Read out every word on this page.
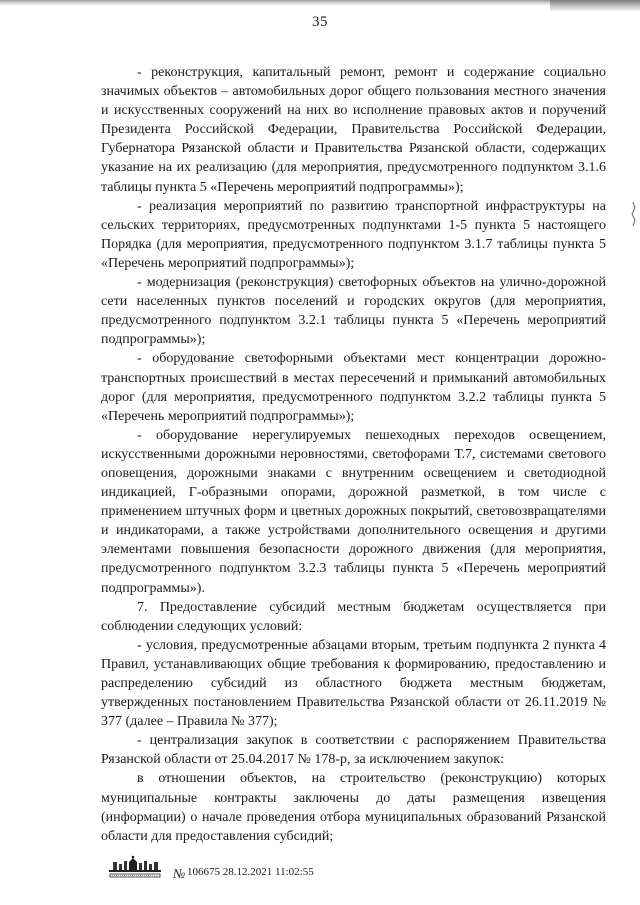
35

- реконструкция, капитальный ремонт, ремонт и содержание социально значимых объектов – автомобильных дорог общего пользования местного значения и искусственных сооружений на них во исполнение правовых актов и поручений Президента Российской Федерации, Правительства Российской Федерации, Губернатора Рязанской области и Правительства Рязанской области, содержащих указание на их реализацию (для мероприятия, предусмотренного подпунктом 3.1.6 таблицы пункта 5 «Перечень мероприятий подпрограммы»);

- реализация мероприятий по развитию транспортной инфраструктуры на сельских территориях, предусмотренных подпунктами 1-5 пункта 5 настоящего Порядка (для мероприятия, предусмотренного подпунктом 3.1.7 таблицы пункта 5 «Перечень мероприятий подпрограммы»);

- модернизация (реконструкция) светофорных объектов на улично-дорожной сети населенных пунктов поселений и городских округов (для мероприятия, предусмотренного подпунктом 3.2.1 таблицы пункта 5 «Перечень мероприятий подпрограммы»);

- оборудование светофорными объектами мест концентрации дорожно-транспортных происшествий в местах пересечений и примыканий автомобильных дорог (для мероприятия, предусмотренного подпунктом 3.2.2 таблицы пункта 5 «Перечень мероприятий подпрограммы»);

- оборудование нерегулируемых пешеходных переходов освещением, искусственными дорожными неровностями, светофорами Т.7, системами светового оповещения, дорожными знаками с внутренним освещением и светодиодной индикацией, Г-образными опорами, дорожной разметкой, в том числе с применением штучных форм и цветных дорожных покрытий, световозвращателями и индикаторами, а также устройствами дополнительного освещения и другими элементами повышения безопасности дорожного движения (для мероприятия, предусмотренного подпунктом 3.2.3 таблицы пункта 5 «Перечень мероприятий подпрограммы»).

7. Предоставление субсидий местным бюджетам осуществляется при соблюдении следующих условий:

- условия, предусмотренные абзацами вторым, третьим подпункта 2 пункта 4 Правил, устанавливающих общие требования к формированию, предоставлению и распределению субсидий из областного бюджета местным бюджетам, утвержденных постановлением Правительства Рязанской области от 26.11.2019 № 377 (далее – Правила № 377);

- централизация закупок в соответствии с распоряжением Правительства Рязанской области от 25.04.2017 № 178-р, за исключением закупок:

в отношении объектов, на строительство (реконструкцию) которых муниципальные контракты заключены до даты размещения извещения (информации) о начале проведения отбора муниципальных образований Рязанской области для предоставления субсидий;

№ 106675 28.12.2021 11:02:55
